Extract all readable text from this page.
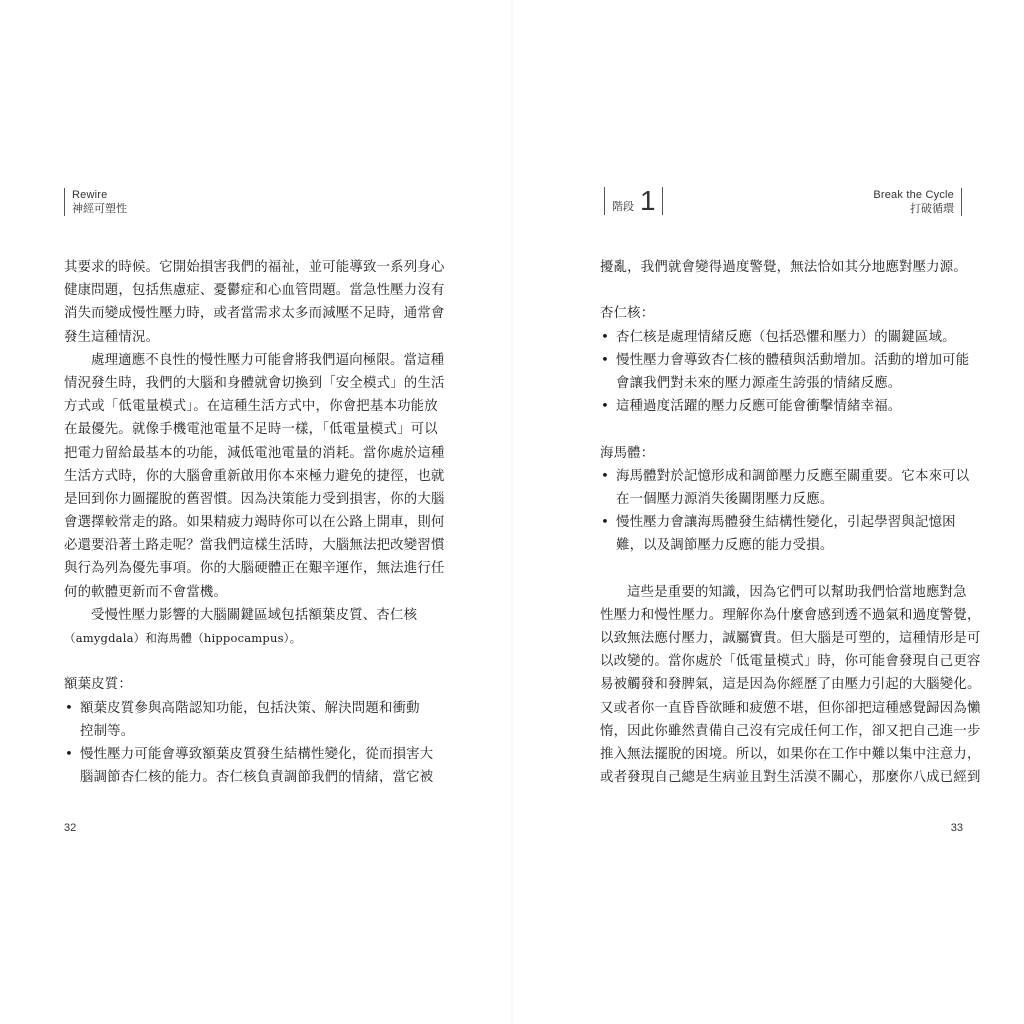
Rewire
神經可塑性
其要求的時候。它開始損害我們的福祉，並可能導致一系列身心
健康問題，包括焦慮症、憂鬱症和心血管問題。當急性壓力沒有
消失而變成慢性壓力時，或者當需求太多而減壓不足時，通常會
發生這種情況。
處理適應不良性的慢性壓力可能會將我們逼向極限。當這種
情況發生時，我們的大腦和身體就會切換到「安全模式」的生活
方式或「低電量模式」。在這種生活方式中，你會把基本功能放
在最優先。就像手機電池電量不足時一樣，「低電量模式」可以
把電力留給最基本的功能，減低電池電量的消耗。當你處於這種
生活方式時，你的大腦會重新啟用你本來極力避免的捷徑，也就
是回到你力圖擺脫的舊習慣。因為決策能力受到損害，你的大腦
會選擇較常走的路。如果精疲力竭時你可以在公路上開車，則何
必還要沿著土路走呢？當我們這樣生活時，大腦無法把改變習慣
與行為列為優先事項。你的大腦硬體正在艱辛運作，無法進行任
何的軟體更新而不會當機。
受慢性壓力影響的大腦關鍵區域包括額葉皮質、杏仁核
（amygdala）和海馬體（hippocampus）。
額葉皮質：
• 額葉皮質參與高階認知功能，包括決策、解決問題和衝動
控制等。
• 慢性壓力可能會導致額葉皮質發生結構性變化，從而損害大
腦調節杏仁核的能力。杏仁核負責調節我們的情緒，當它被
32
階段 1	Break the Cycle
打破循環
擾亂，我們就會變得過度警覺，無法恰如其分地應對壓力源。
杏仁核：
• 杏仁核是處理情緒反應（包括恐懼和壓力）的關鍵區域。
• 慢性壓力會導致杏仁核的體積與活動增加。活動的增加可能
會讓我們對未來的壓力源產生誇張的情緒反應。
• 這種過度活躍的壓力反應可能會衝擊情緒幸福。
海馬體：
• 海馬體對於記憶形成和調節壓力反應至關重要。它本來可以
在一個壓力源消失後關閉壓力反應。
• 慢性壓力會讓海馬體發生結構性變化，引起學習與記憶困
難，以及調節壓力反應的能力受損。
這些是重要的知識，因為它們可以幫助我們恰當地應對急
性壓力和慢性壓力。理解你為什麼會感到透不過氣和過度警覺，
以致無法應付壓力，誠屬寶貴。但大腦是可塑的，這種情形是可
以改變的。當你處於「低電量模式」時，你可能會發現自己更容
易被觸發和發脾氣，這是因為你經歷了由壓力引起的大腦變化。
又或者你一直昏昏欲睡和疲憊不堪，但你卻把這種感覺歸因為懶
惰，因此你雖然責備自己沒有完成任何工作，卻又把自己進一步
推入無法擺脫的困境。所以，如果你在工作中難以集中注意力，
或者發現自己總是生病並且對生活漠不關心，那麼你八成已經到
33
